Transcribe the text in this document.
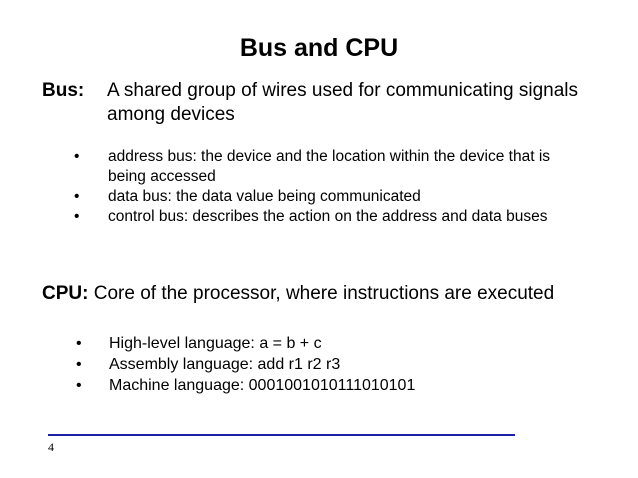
Bus and CPU
Bus: A shared group of wires used for communicating signals among devices
• address bus: the device and the location within the device that is being accessed
• data bus: the data value being communicated
• control bus: describes the action on the address and data buses
CPU: Core of the processor, where instructions are executed
• High-level language: a = b + c
• Assembly language: add r1 r2 r3
• Machine language: 0001001010111010101
4
